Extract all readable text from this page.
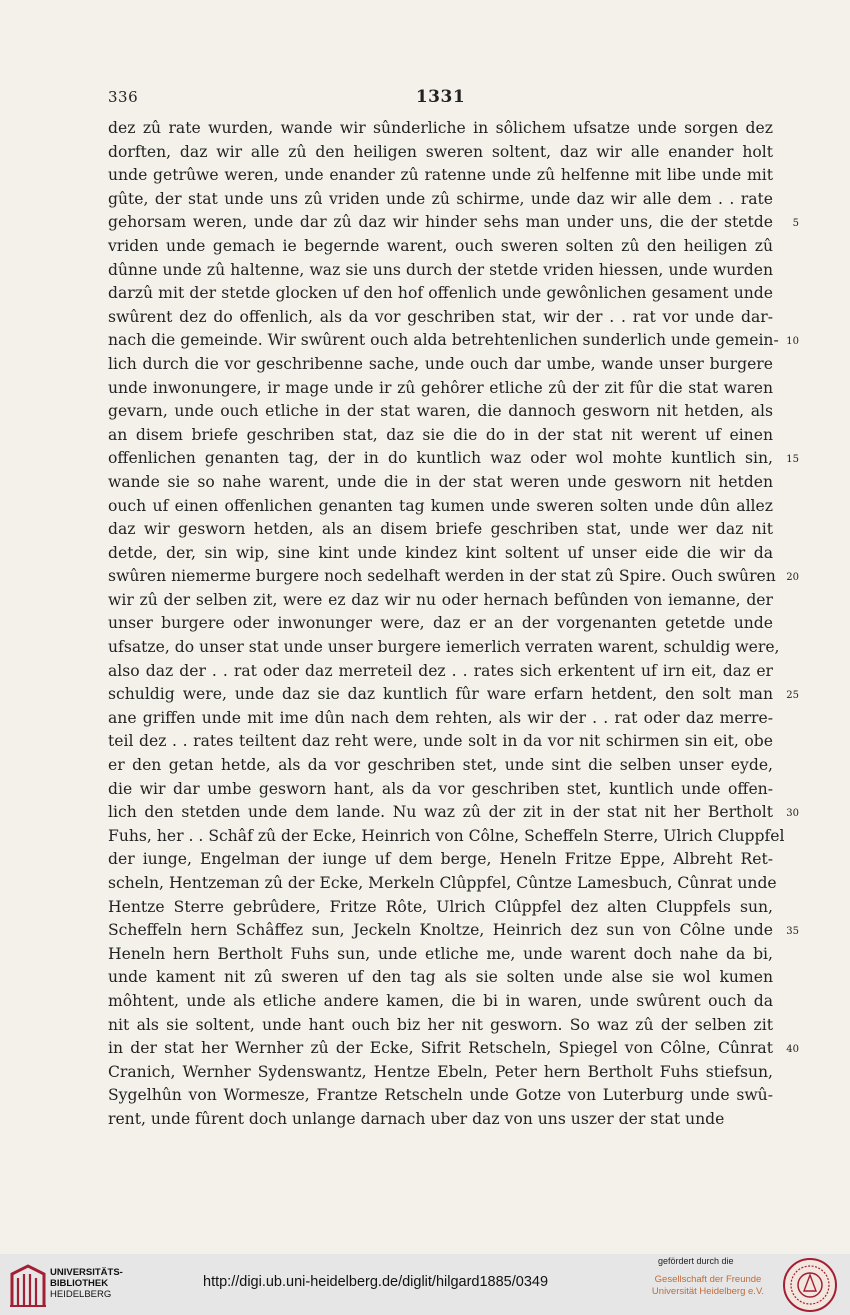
336	1331
dez zû rate wurden, wande wir sûnderliche in sôlichem ufsatze unde sorgen dez
dorften, daz wir alle zû den heiligen sweren soltent, daz wir alle enander holt
unde getrûwe weren, unde enander zû ratenne unde zû helfenne mit libe unde mit
gûte, der stat unde uns zû vriden unde zû schirme, unde daz wir alle dem . . rate
gehorsam weren, unde dar zû daz wir hinder sehs man under uns, die der stetde 5
vriden unde gemach ie begernde warent, ouch sweren solten zû den heiligen zû
dûnne unde zû haltenne, waz sie uns durch der stetde vriden hiessen, unde wurden
darzû mit der stetde glocken uf den hof offenlich unde gewônlichen gesament unde
swûrent dez do offenlich, als da vor geschriben stat, wir der . . rat vor unde dar-
nach die gemeinde. Wir swûrent ouch alda betrehtenlichen sunderlich unde gemein- 10
lich durch die vor geschribenne sache, unde ouch dar umbe, wande unser burgere
unde inwonungere, ir mage unde ir zû gehôrer etliche zû der zit fûr die stat waren
gevarn, unde ouch etliche in der stat waren, die dannoch gesworn nit hetden, als
an disem briefe geschriben stat, daz sie die do in der stat nit werent uf einen
offenlichen genanten tag, der in do kuntlich waz oder wol mohte kuntlich sin, 15
wande sie so nahe warent, unde die in der stat weren unde gesworn nit hetden
ouch uf einen offenlichen genanten tag kumen unde sweren solten unde dûn allez
daz wir gesworn hetden, als an disem briefe geschriben stat, unde wer daz nit
detde, der, sin wip, sine kint unde kindez kint soltent uf unser eide die wir da
swûren niemerme burgere noch sedelhaft werden in der stat zû Spire. Ouch swûren 20
wir zû der selben zit, were ez daz wir nu oder hernach befûnden von iemanne, der
unser burgere oder inwonunger were, daz er an der vorgenanten getetde unde
ufsatze, do unser stat unde unser burgere iemerlich verraten warent, schuldig were,
also daz der . . rat oder daz merreteil dez . . rates sich erkentent uf irn eit, daz er
schuldig were, unde daz sie daz kuntlich fûr ware erfarn hetdent, den solt man 25
ane griffen unde mit ime dûn nach dem rehten, als wir der . . rat oder daz merre-
teil dez . . rates teiltent daz reht were, unde solt in da vor nit schirmen sin eit, obe
er den getan hetde, als da vor geschriben stet, unde sint die selben unser eyde,
die wir dar umbe gesworn hant, als da vor geschriben stet, kuntlich unde offen-
lich den stetden unde dem lande. Nu waz zû der zit in der stat nit her Bertholt 30
Fuhs, her . . Schâf zû der Ecke, Heinrich von Côlne, Scheffeln Sterre, Ulrich Cluppfel
der iunge, Engelman der iunge uf dem berge, Heneln Fritze Eppe, Albreht Ret-
scheln, Hentzeman zû der Ecke, Merkeln Clûppfel, Cûntze Lamesbuch, Cûnrat unde
Hentze Sterre gebrûdere, Fritze Rôte, Ulrich Clûppfel dez alten Cluppfels sun,
Scheffeln hern Schâffez sun, Jeckeln Knoltze, Heinrich dez sun von Côlne unde 35
Heneln hern Bertholt Fuhs sun, unde etliche me, unde warent doch nahe da bi,
unde kament nit zû sweren uf den tag als sie solten unde alse sie wol kumen
môhtent, unde als etliche andere kamen, die bi in waren, unde swûrent ouch da
nit als sie soltent, unde hant ouch biz her nit gesworn. So waz zû der selben zit
in der stat her Wernher zû der Ecke, Sifrit Retscheln, Spiegel von Côlne, Cûnrat 40
Cranich, Wernher Sydenswantz, Hentze Ebeln, Peter hern Bertholt Fuhs stiefsun,
Sygelhûn von Wormesze, Frantze Retscheln unde Gotze von Luterburg unde swû-
rent, unde fûrent doch unlange darnach uber daz von uns uszer der stat unde
UNIVERSITÄTS-
BIBLIOTHEK
HEIDELBERG
http://digi.ub.uni-heidelberg.de/diglit/hilgard1885/0349
gefördert durch die
Gesellschaft der Freunde
Universität Heidelberg e.V.
